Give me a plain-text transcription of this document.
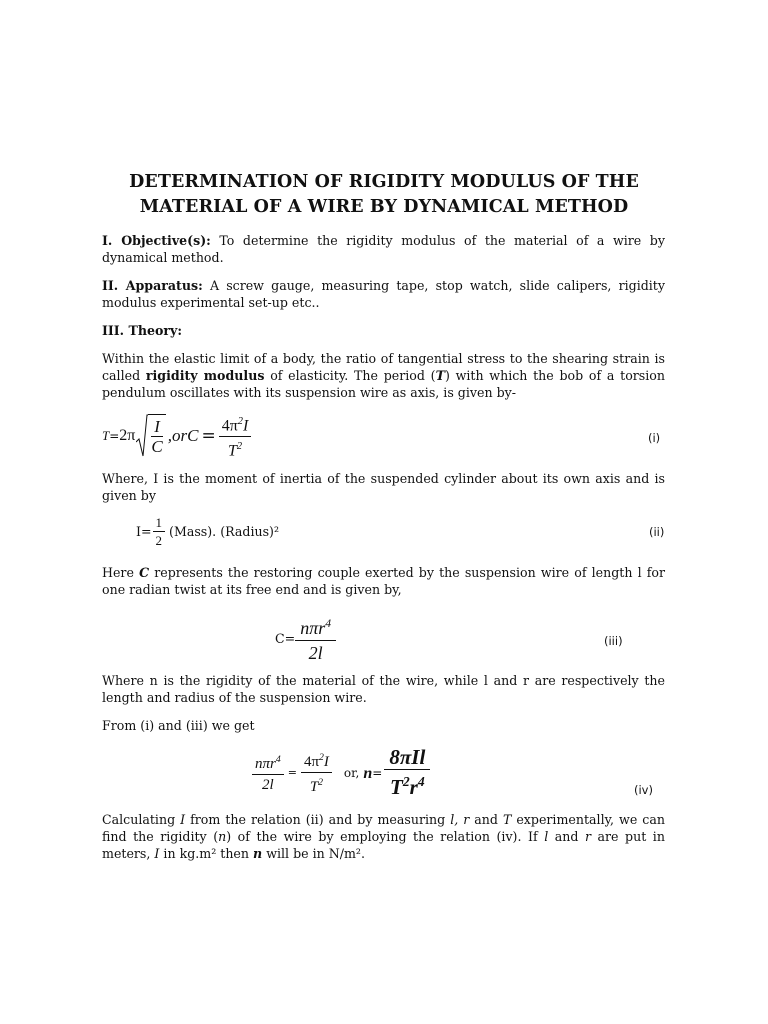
DETERMINATION OF RIGIDITY MODULUS OF THE
MATERIAL OF A WIRE BY DYNAMICAL METHOD
I. Objective(s): To determine the rigidity modulus of the material of a wire by dynamical method.
II. Apparatus: A screw gauge, measuring tape, stop watch, slide calipers, rigidity modulus experimental set-up etc..
III. Theory:
Within the elastic limit of a body, the ratio of tangential stress to the shearing strain is called rigidity modulus of elasticity. The period (T) with which the bob of a torsion pendulum oscillates with its suspension wire as axis, is given by-
$T = 2\pi \frac{I}{C} ,orC = \frac{4\pi^2I}{T^2}$	(i)
Where, I is the moment of inertia of the suspended cylinder about its own axis and is given by
$I= \frac{1}{2}$ (Mass). (Radius)²	(ii)
Here C represents the restoring couple exerted by the suspension wire of length l for one radian twist at its free end and is given by,
$C= \frac{n\pi r^4}{2l}$	(iii)
Where n is the rigidity of the material of the wire, while l and r are respectively the length and radius of the suspension wire.
From (i) and (iii) we get
$\frac{n\pi r^4}{2l} = \frac{4\pi^2I}{T^2}$ or, $n = \frac{\text{8πIl}}{T^2r^4}$	(iv)
Calculating I from the relation (ii) and by measuring l, r and T experimentally, we can find the rigidity (n) of the wire by employing the relation (iv). If l and r are put in meters, I in kg.m² then n will be in N/m².
